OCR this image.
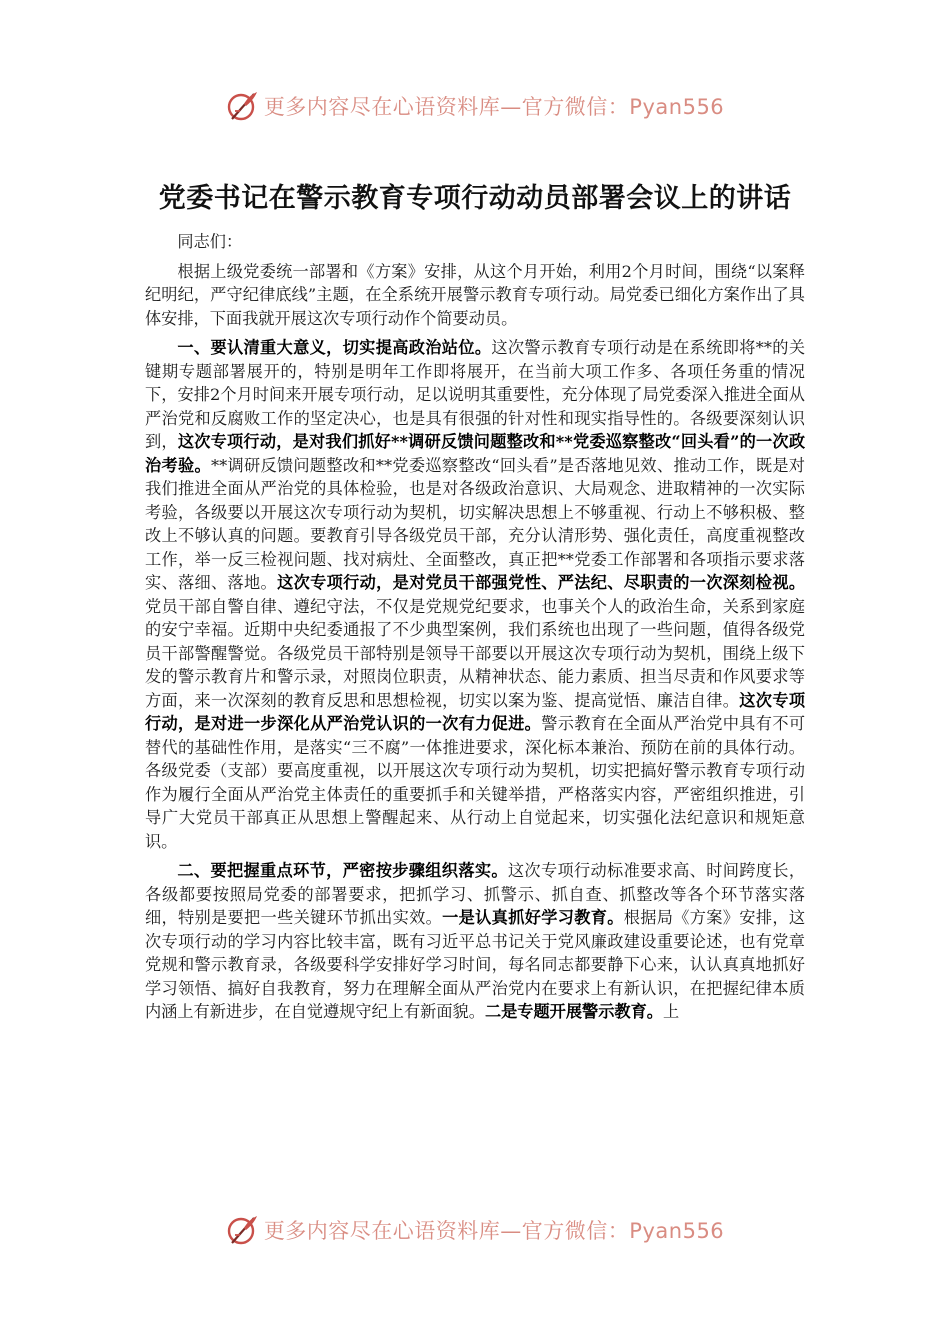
更多内容尽在心语资料库—官方微信：Pyan556
党委书记在警示教育专项行动动员部署会议上的讲话

同志们：

根据上级党委统一部署和《方案》安排，从这个月开始，利用2个月时间，围绕“以案释纪明纪，严守纪律底线”主题，在全系统开展警示教育专项行动。局党委已细化方案作出了具体安排，下面我就开展这次专项行动作个简要动员。

一、要认清重大意义，切实提高政治站位。这次警示教育专项行动是在系统即将**的关键期专题部署展开的，特别是明年工作即将展开，在当前大项工作多、各项任务重的情况下，安排2个月时间来开展专项行动，足以说明其重要性，充分体现了局党委深入推进全面从严治党和反腐败工作的坚定决心，也是具有很强的针对性和现实指导性的。各级要深刻认识到，这次专项行动，是对我们抓好**调研反馈问题整改和**党委巡察整改“回头看”的一次政治考验。**调研反馈问题整改和**党委巡察整改“回头看”是否落地见效、推动工作，既是对我们推进全面从严治党的具体检验，也是对各级政治意识、大局观念、进取精神的一次实际考验，各级要以开展这次专项行动为契机，切实解决思想上不够重视、行动上不够积极、整改上不够认真的问题。要教育引导各级党员干部，充分认清形势、强化责任，高度重视整改工作，举一反三检视问题、找对病灶、全面整改，真正把**党委工作部署和各项指示要求落实、落细、落地。这次专项行动，是对党员干部强党性、严法纪、尽职责的一次深刻检视。党员干部自警自律、遵纪守法，不仅是党规党纪要求，也事关个人的政治生命，关系到家庭的安宁幸福。近期中央纪委通报了不少典型案例，我们系统也出现了一些问题，值得各级党员干部警醒警觉。各级党员干部特别是领导干部要以开展这次专项行动为契机，围绕上级下发的警示教育片和警示录，对照岗位职责，从精神状态、能力素质、担当尽责和作风要求等方面，来一次深刻的教育反思和思想检视，切实以案为鉴、提高觉悟、廉洁自律。这次专项行动，是对进一步深化从严治党认识的一次有力促进。警示教育在全面从严治党中具有不可替代的基础性作用，是落实“三不腐”一体推进要求，深化标本兼治、预防在前的具体行动。各级党委（支部）要高度重视，以开展这次专项行动为契机，切实把搞好警示教育专项行动作为履行全面从严治党主体责任的重要抓手和关键举措，严格落实内容，严密组织推进，引导广大党员干部真正从思想上警醒起来、从行动上自觉起来，切实强化法纪意识和规矩意识。

二、要把握重点环节，严密按步骤组织落实。这次专项行动标准要求高、时间跨度长，各级都要按照局党委的部署要求，把抓学习、抓警示、抓自查、抓整改等各个环节落实落细，特别是要把一些关键环节抓出实效。一是认真抓好学习教育。根据局《方案》安排，这次专项行动的学习内容比较丰富，既有习近平总书记关于党风廉政建设重要论述，也有党章党规和警示教育录，各级要科学安排好学习时间，每名同志都要静下心来，认认真真地抓好学习领悟、搞好自我教育，努力在理解全面从严治党内在要求上有新认识，在把握纪律本质内涵上有新进步，在自觉遵规守纪上有新面貌。二是专题开展警示教育。上

更多内容尽在心语资料库—官方微信：Pyan556
